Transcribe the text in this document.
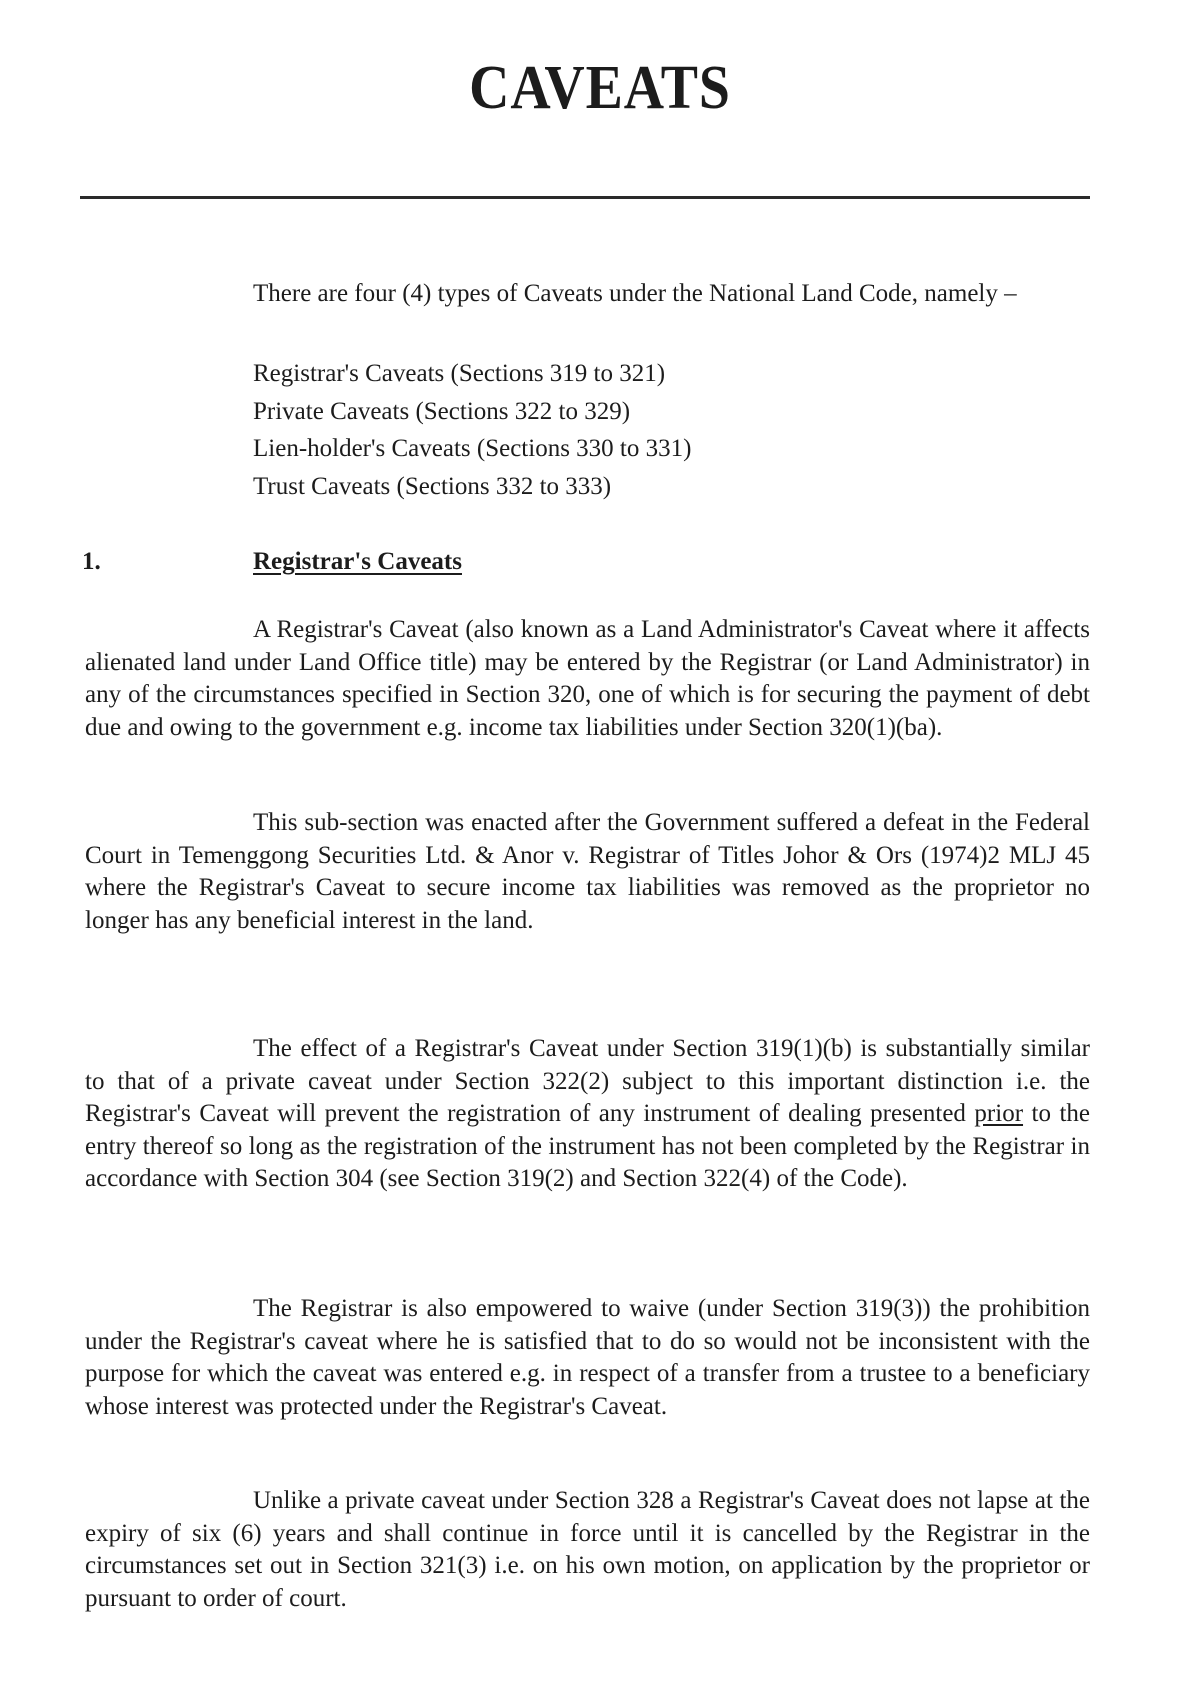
CAVEATS
There are four (4) types of Caveats under the National Land Code, namely –
Registrar's Caveats (Sections 319 to 321)
Private Caveats (Sections 322 to 329)
Lien-holder's Caveats (Sections 330 to 331)
Trust Caveats (Sections 332 to 333)
1.	Registrar's Caveats

A Registrar's Caveat (also known as a Land Administrator's Caveat where it affects alienated land under Land Office title) may be entered by the Registrar (or Land Administrator) in any of the circumstances specified in Section 320, one of which is for securing the payment of debt due and owing to the government e.g. income tax liabilities under Section 320(1)(ba).

This sub-section was enacted after the Government suffered a defeat in the Federal Court in Temenggong Securities Ltd. & Anor v. Registrar of Titles Johor & Ors (1974)2 MLJ 45 where the Registrar's Caveat to secure income tax liabilities was removed as the proprietor no longer has any beneficial interest in the land.

The effect of a Registrar's Caveat under Section 319(1)(b) is substantially similar to that of a private caveat under Section 322(2) subject to this important distinction i.e. the Registrar's Caveat will prevent the registration of any instrument of dealing presented prior to the entry thereof so long as the registration of the instrument has not been completed by the Registrar in accordance with Section 304 (see Section 319(2) and Section 322(4) of the Code).

The Registrar is also empowered to waive (under Section 319(3)) the prohibition under the Registrar's caveat where he is satisfied that to do so would not be inconsistent with the purpose for which the caveat was entered e.g. in respect of a transfer from a trustee to a beneficiary whose interest was protected under the Registrar's Caveat.

Unlike a private caveat under Section 328 a Registrar's Caveat does not lapse at the expiry of six (6) years and shall continue in force until it is cancelled by the Registrar in the circumstances set out in Section 321(3) i.e. on his own motion, on application by the proprietor or pursuant to order of court.
